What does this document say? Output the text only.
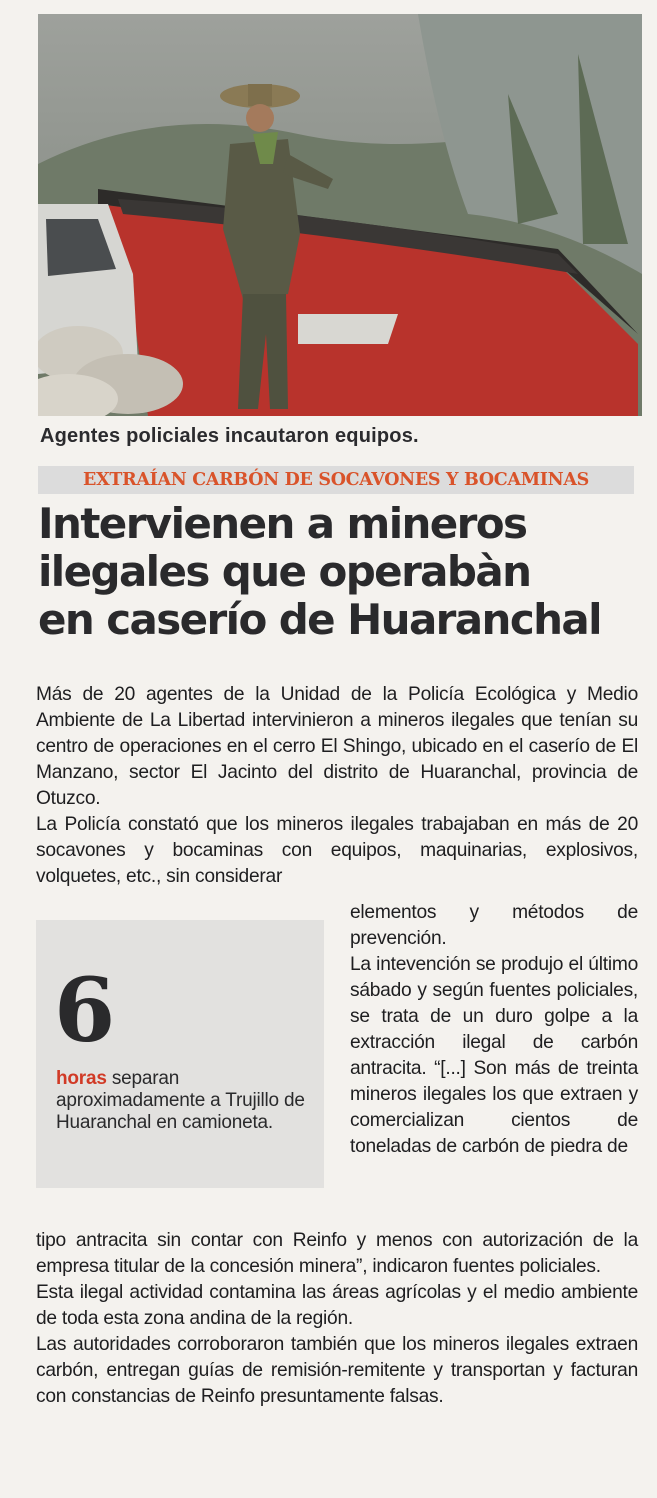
Agentes policiales incautaron equipos.
EXTRAÍAN CARBÓN DE SOCAVONES Y BOCAMINAS
Intervienen a mineros
ilegales que operabàn
en caserío de Huaranchal
Más de 20 agentes de la Unidad de la Policía Ecológica y Medio Ambiente de La Libertad intervinieron a mineros ilegales que tenían su centro de operaciones en el cerro El Shingo, ubicado en el caserío de El Manzano, sector El Jacinto del distrito de Huaranchal, provincia de Otuzco.
La Policía constató que los mineros ilegales trabajaban en más de 20 socavones y bocaminas con equipos, maquinarias, explosivos, volquetes, etc., sin considerar
6
horas separan aproximadamente a Trujillo de Huaranchal en camioneta.
elementos y métodos de prevención.
La intevención se produjo el último sábado y según fuentes policiales, se trata de un duro golpe a la extracción ilegal de carbón antracita. “[...] Son más de treinta mineros ilegales los que extraen y comercializan cientos de toneladas de carbón de piedra de
tipo antracita sin contar con Reinfo y menos con autorización de la empresa titular de la concesión minera”, indicaron fuentes policiales.
Esta ilegal actividad contamina las áreas agrícolas y el medio ambiente de toda esta zona andina de la región.
Las autoridades corroboraron también que los mineros ilegales extraen carbón, entregan guías de remisión-remitente y transportan y facturan con constancias de Reinfo presuntamente falsas.
